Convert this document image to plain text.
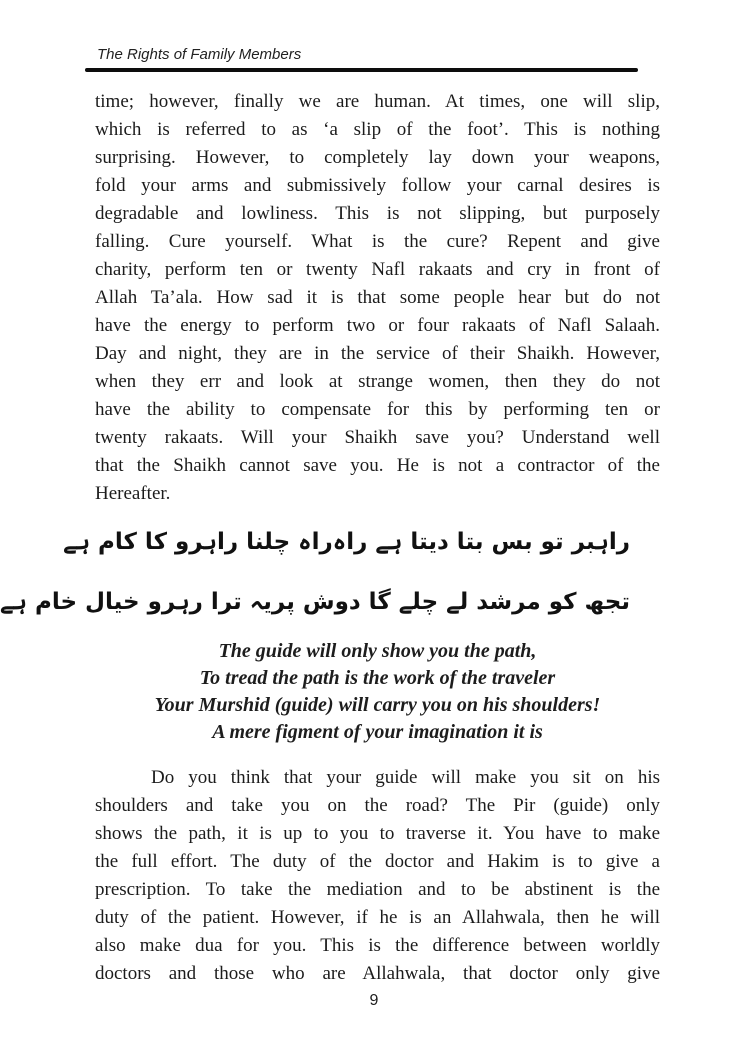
The Rights of Family Members
time; however, finally we are human. At times, one will slip,
which is referred to as ‘a slip of the foot’. This is nothing
surprising. However, to completely lay down your weapons,
fold your arms and submissively follow your carnal desires is
degradable and lowliness. This is not slipping, but purposely
falling. Cure yourself. What is the cure? Repent and give
charity, perform ten or twenty Nafl rakaats and cry in front of
Allah Ta’ala. How sad it is that some people hear but do not
have the energy to perform two or four rakaats of Nafl Salaah.
Day and night, they are in the service of their Shaikh. However,
when they err and look at strange women, then they do not
have the ability to compensate for this by performing ten or
twenty rakaats. Will your Shaikh save you? Understand well
that the Shaikh cannot save you. He is not a contractor of the
Hereafter.
راہبر تو بس بتا دیتا ہے راہ
راہ چلنا راہرو کا کام ہے
تجھ کو مرشد لے چلے گا دوش پر
یہ ترا رہرو خیال خام ہے
The guide will only show you the path,
To tread the path is the work of the traveler
Your Murshid (guide) will carry you on his shoulders!
A mere figment of your imagination it is
Do you think that your guide will make you sit on his
shoulders and take you on the road? The Pir (guide) only
shows the path, it is up to you to traverse it. You have to make
the full effort. The duty of the doctor and Hakim is to give a
prescription. To take the mediation and to be abstinent is the
duty of the patient. However, if he is an Allahwala, then he will
also make dua for you. This is the difference between worldly
doctors and those who are Allahwala, that doctor only give
9
